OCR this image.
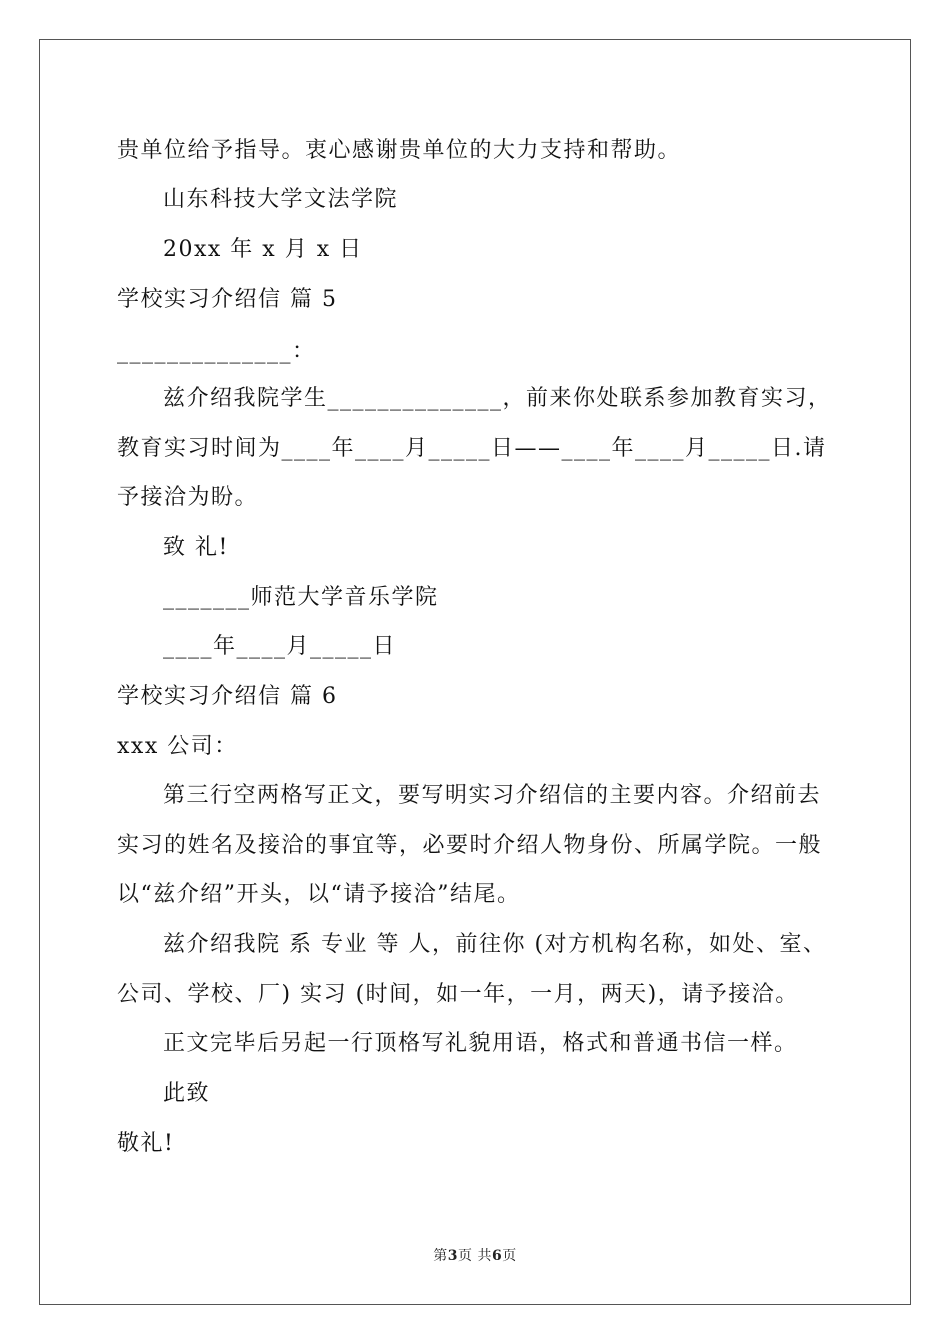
贵单位给予指导。衷心感谢贵单位的大力支持和帮助。
山东科技大学文法学院
20xx 年 x 月 x 日
学校实习介绍信 篇 5
______________：
兹介绍我院学生______________，前来你处联系参加教育实习，
教育实习时间为____年____月_____日——____年____月_____日.请
予接洽为盼。
致 礼!
_______师范大学音乐学院
____年____月_____日
学校实习介绍信 篇 6
xxx 公司：
第三行空两格写正文，要写明实习介绍信的主要内容。介绍前去
实习的姓名及接洽的事宜等，必要时介绍人物身份、所属学院。一般
以“兹介绍”开头，以“请予接洽”结尾。
兹介绍我院 系 专业 等 人，前往你 (对方机构名称，如处、室、
公司、学校、厂) 实习 (时间，如一年，一月，两天)，请予接洽。
正文完毕后另起一行顶格写礼貌用语，格式和普通书信一样。
此致
敬礼!
第3页 共6页
